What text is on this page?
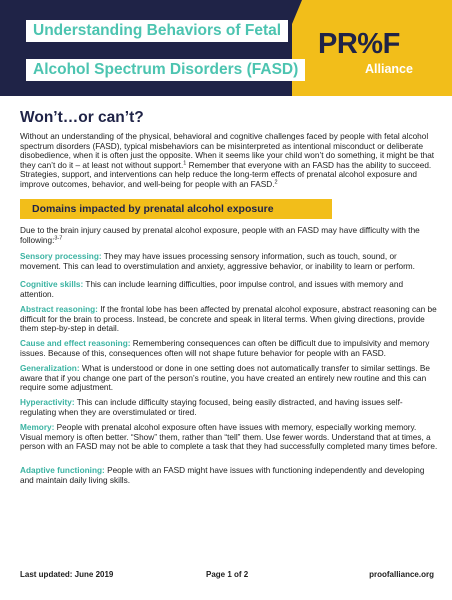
Understanding Behaviors of Fetal
Alcohol Spectrum Disorders (FASD)
PR%F
Alliance
Won’t…or can’t?

Without an understanding of the physical, behavioral and cognitive challenges faced by people with fetal alcohol spectrum disorders (FASD), typical misbehaviors can be misinterpreted as intentional misconduct or deliberate disobedience, when it is often just the opposite. When it seems like your child won’t do something, it might be that they can’t do it – at least not without support.$^1$ Remember that everyone with an FASD has the ability to succeed. Strategies, support, and interventions can help reduce the long-term effects of prenatal alcohol exposure and improve outcomes, behavior, and well-being for people with an FASD.$^2$

Domains impacted by prenatal alcohol exposure

Due to the brain injury caused by prenatal alcohol exposure, people with an FASD may have difficulty with the following:$^{3-7}$

Sensory processing: They may have issues processing sensory information, such as touch, sound, or movement. This can lead to overstimulation and anxiety, aggressive behavior, or inability to learn or perform.

Cognitive skills: This can include learning difficulties, poor impulse control, and issues with memory and attention.

Abstract reasoning: If the frontal lobe has been affected by prenatal alcohol exposure, abstract reasoning can be difficult for the brain to process. Instead, be concrete and speak in literal terms. When giving directions, provide them step-by-step in detail.

Cause and effect reasoning: Remembering consequences can often be difficult due to impulsivity and memory issues. Because of this, consequences often will not shape future behavior for people with an FASD.

Generalization: What is understood or done in one setting does not automatically transfer to similar settings. Be aware that if you change one part of the person’s routine, you have created an entirely new routine and this can require some adjustment.

Hyperactivity: This can include difficulty staying focused, being easily distracted, and having issues self-regulating when they are overstimulated or tired.

Memory: People with prenatal alcohol exposure often have issues with memory, especially working memory. Visual memory is often better. “Show” them, rather than “tell” them. Use fewer words. Understand that at times, a person with an FASD may not be able to complete a task that they had successfully completed many times before.

Adaptive functioning: People with an FASD might have issues with functioning independently and developing and maintain daily living skills.

Last updated: June 2019	Page 1 of 2	proofalliance.org
